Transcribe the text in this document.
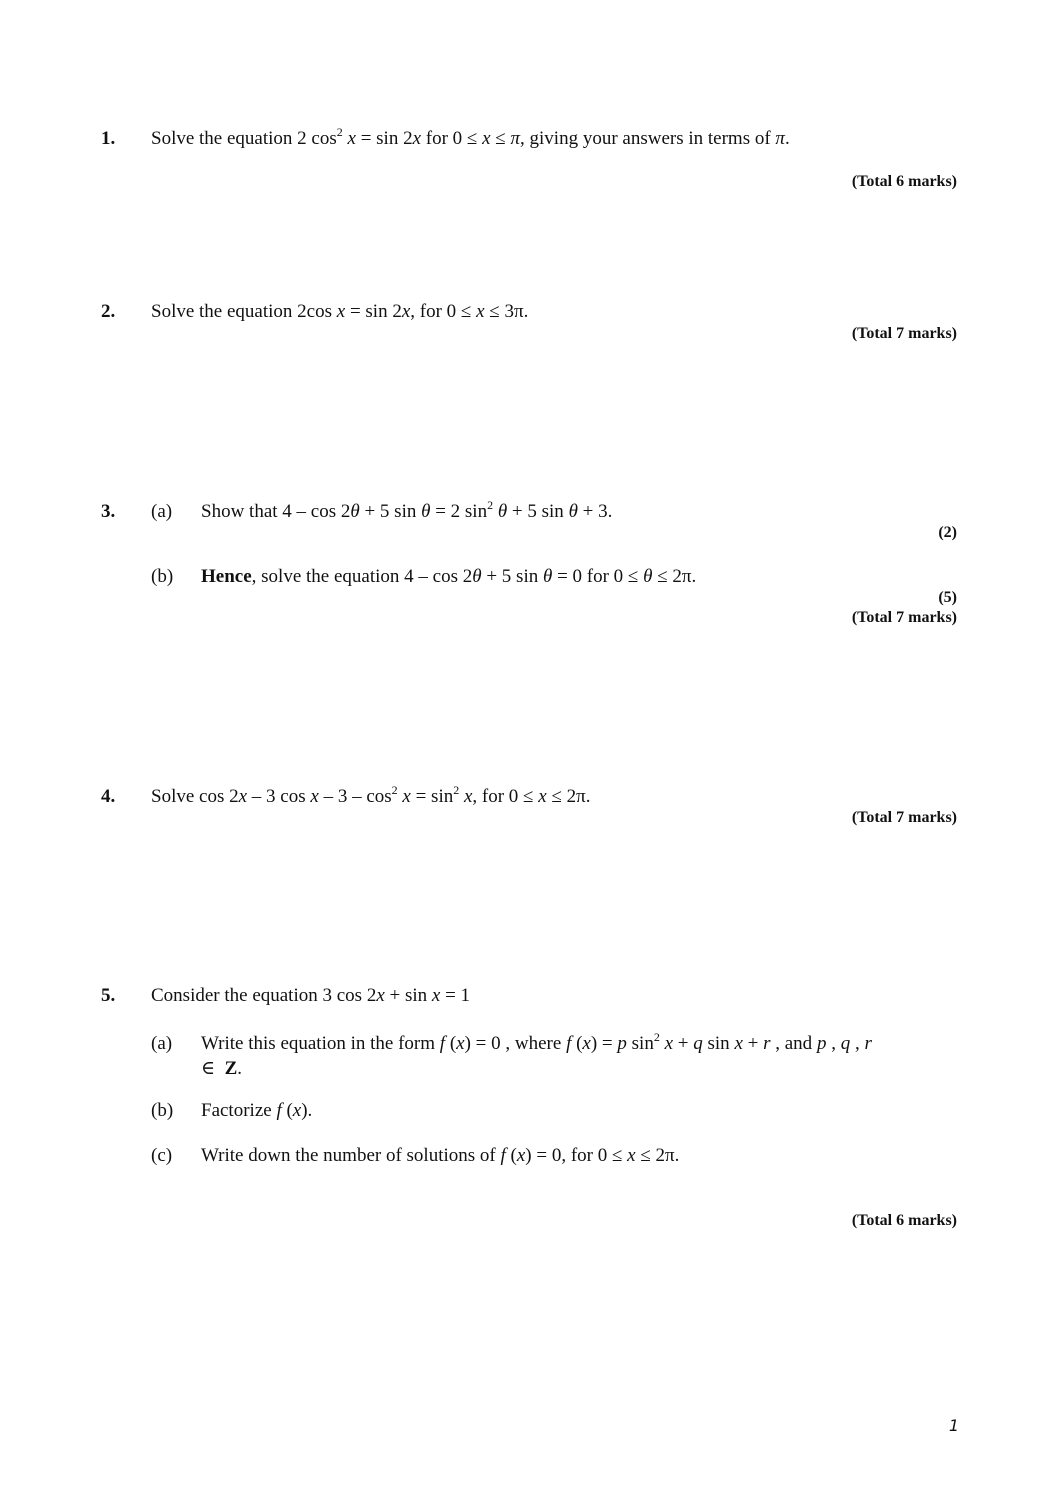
1. Solve the equation 2 $\cos^2 x = \sin 2x$ for 0 ≤ x ≤ π, giving your answers in terms of π.
(Total 6 marks)
2. Solve the equation 2cos x = sin 2x, for 0 ≤ x ≤ 3π.
(Total 7 marks)
3. (a) Show that 4 – cos 2θ + 5 sin θ = 2 $\sin^2 \theta + 5$ sin θ + 3.
(2)
(b) Hence, solve the equation 4 – cos 2θ + 5 sin θ = 0 for 0 ≤ θ ≤ 2π.
(5)
(Total 7 marks)
4. Solve cos 2x – 3 $\cos x - 3 - \cos^2 x = \sin^2 x$, for 0 ≤ x ≤ 2π.
(Total 7 marks)
5. Consider the equation 3 cos 2x + sin x = 1
(a) Write this equation in the form f (x) = 0 , where f (x) = p $\sin^2 x + q$ sin x + r , and p , q , r
∈ Z.
(b) Factorize f (x).
(c) Write down the number of solutions of f (x) = 0, for 0 ≤ x ≤ 2π.
(Total 6 marks)
1
